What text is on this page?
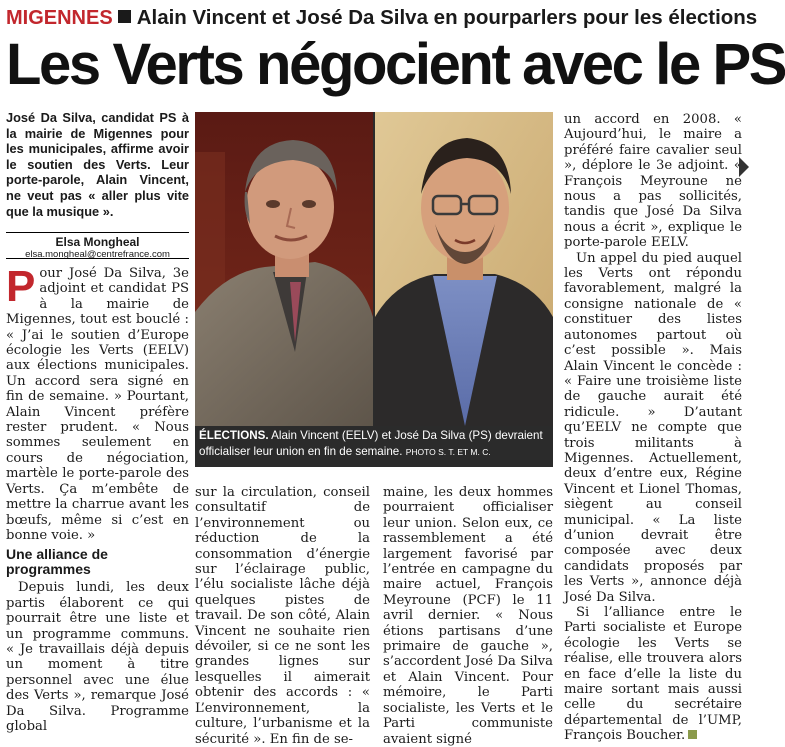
MIGENNES Alain Vincent et José Da Silva en pourparlers pour les élections
Les Verts négocient avec le PS
José Da Silva, candidat PS à la mairie de Migennes pour les municipales, affirme avoir le soutien des Verts. Leur porte-parole, Alain Vincent, ne veut pas « aller plus vite que la musique ».
Elsa Mongheal
elsa.mongheal@centrefrance.com

Pour José Da Silva, 3e adjoint et candidat PS à la mairie de Migennes, tout est bouclé : « J’ai le soutien d’Europe écologie les Verts (EELV) aux élections municipales. Un accord sera signé en fin de semaine. » Pourtant, Alain Vincent préfère rester prudent. « Nous sommes seulement en cours de négociation, martèle le porte-parole des Verts. Ça m’embête de mettre la charrue avant les bœufs, même si c’est en bonne voie. »

Une alliance de programmes

Depuis lundi, les deux partis élaborent ce qui pourrait être une liste et un programme communs. « Je travaillais déjà depuis un moment à titre personnel avec une élue des Verts », remarque José Da Silva. Programme global

ÉLECTIONS. Alain Vincent (EELV) et José Da Silva (PS) devraient officialiser leur union en fin de semaine. PHOTO S. T. ET M. C.

sur la circulation, conseil consultatif de l’environnement ou réduction de la consommation d’énergie sur l’éclairage public, l’élu socialiste lâche déjà quelques pistes de travail. De son côté, Alain Vincent ne souhaite rien dévoiler, si ce ne sont les grandes lignes sur lesquelles il aimerait obtenir des accords : « L’environnement, la culture, l’urbanisme et la sécurité ». En fin de se-

maine, les deux hommes pourraient officialiser leur union. Selon eux, ce rassemblement a été largement favorisé par l’entrée en campagne du maire actuel, François Meyroune (PCF) le 11 avril dernier. « Nous étions partisans d’une primaire de gauche », s’accordent José Da Silva et Alain Vincent. Pour mémoire, le Parti socialiste, les Verts et le Parti communiste avaient signé

un accord en 2008. « Aujourd’hui, le maire a préféré faire cavalier seul », déplore le 3e adjoint. « François Meyroune ne nous a pas sollicités, tandis que José Da Silva nous a écrit », explique le porte-parole EELV.

Un appel du pied auquel les Verts ont répondu favorablement, malgré la consigne nationale de « constituer des listes autonomes partout où c’est possible ». Mais Alain Vincent le concède : « Faire une troisième liste de gauche aurait été ridicule. » D’autant qu’EELV ne compte que trois militants à Migennes. Actuellement, deux d’entre eux, Régine Vincent et Lionel Thomas, siègent au conseil municipal. « La liste d’union devrait être composée avec deux candidats proposés par les Verts », annonce déjà José Da Silva.

Si l’alliance entre le Parti socialiste et Europe écologie les Verts se réalise, elle trouvera alors en face d’elle la liste du maire sortant mais aussi celle du secrétaire départemental de l’UMP, François Boucher.
